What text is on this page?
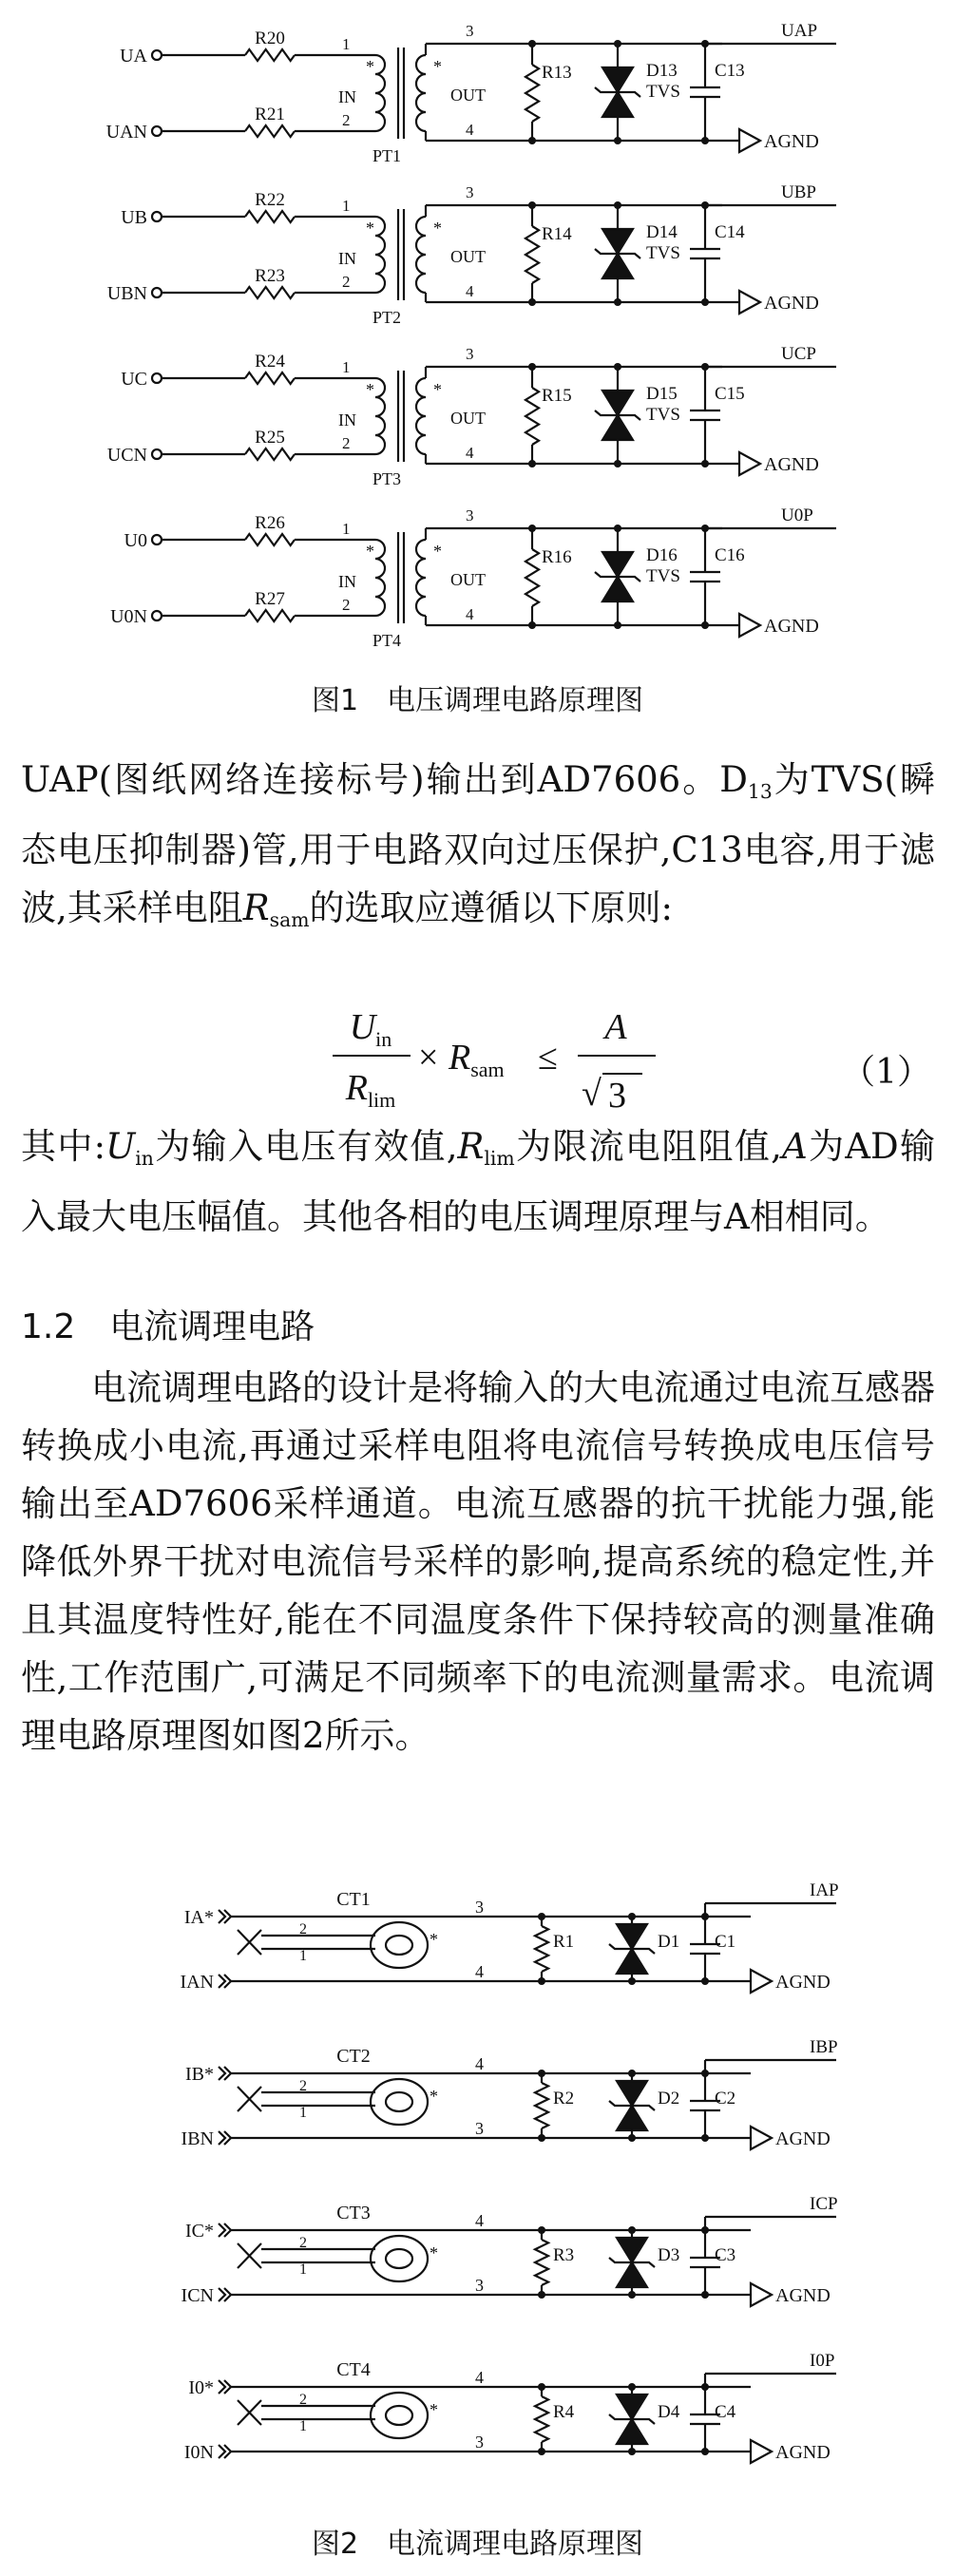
UA
UAN
R20
R21
1
2
*
IN
*
PT1
3
4
OUT
R13	D13
TVS
C13
UAP
AGND
UB
UBN
R22
R23
1
2
*
IN
*
PT2
3
4
OUT
R14	D14
TVS
C14
UBP
AGND
UC
UCN
R24
R25
1
2
*
IN
*
PT3
3
4
OUT
R15	D15
TVS
C15
UCP
AGND
U0
U0N
R26
R27
1
2
*
IN
*
PT4
3
4
OUT
R16	D16
TVS
C16
U0P
AGND
图1　电压调理电路原理图
UAP(图纸网络连接标号)输出到AD7606。$D_{13}$为TVS(瞬态电压抑制器)管,用于电路双向过压保护,C13电容,用于滤波,其采样电阻$R_{sam}$的选取应遵循以下原则:
$U_{in}$
$R_{lim}$
× $R_{sam}$ ≤
A
√ 3
（1）
其中$:U_{in}$为输入电压有效值$,R_{lim}$为限流电阻阻值,A为AD输入最大电压幅值。其他各相的电压调理原理与A相相同。
1.2 电流调理电路
电流调理电路的设计是将输入的大电流通过电流互感器转换成小电流,再通过采样电阻将电流信号转换成电压信号输出至AD7606采样通道。电流互感器的抗干扰能力强,能降低外界干扰对电流信号采样的影响,提高系统的稳定性,并且其温度特性好,能在不同温度条件下保持较高的测量准确性,工作范围广,可满足不同频率下的电流测量需求。电流调理电路原理图如图2所示。
IA*
IAN
CT1
2
1
*
3
4
R1	D1 C1
IAP
AGND
IB*
IBN
CT2
2
1
*
4
3
R2	D2 C2
IBP
AGND
IC*
ICN
CT3
2
1
*
4
3
R3	D3 C3
ICP
AGND
I0*
I0N
CT4
2
1
*
4
3
R4	D4 C4
I0P
AGND
图2　电流调理电路原理图
